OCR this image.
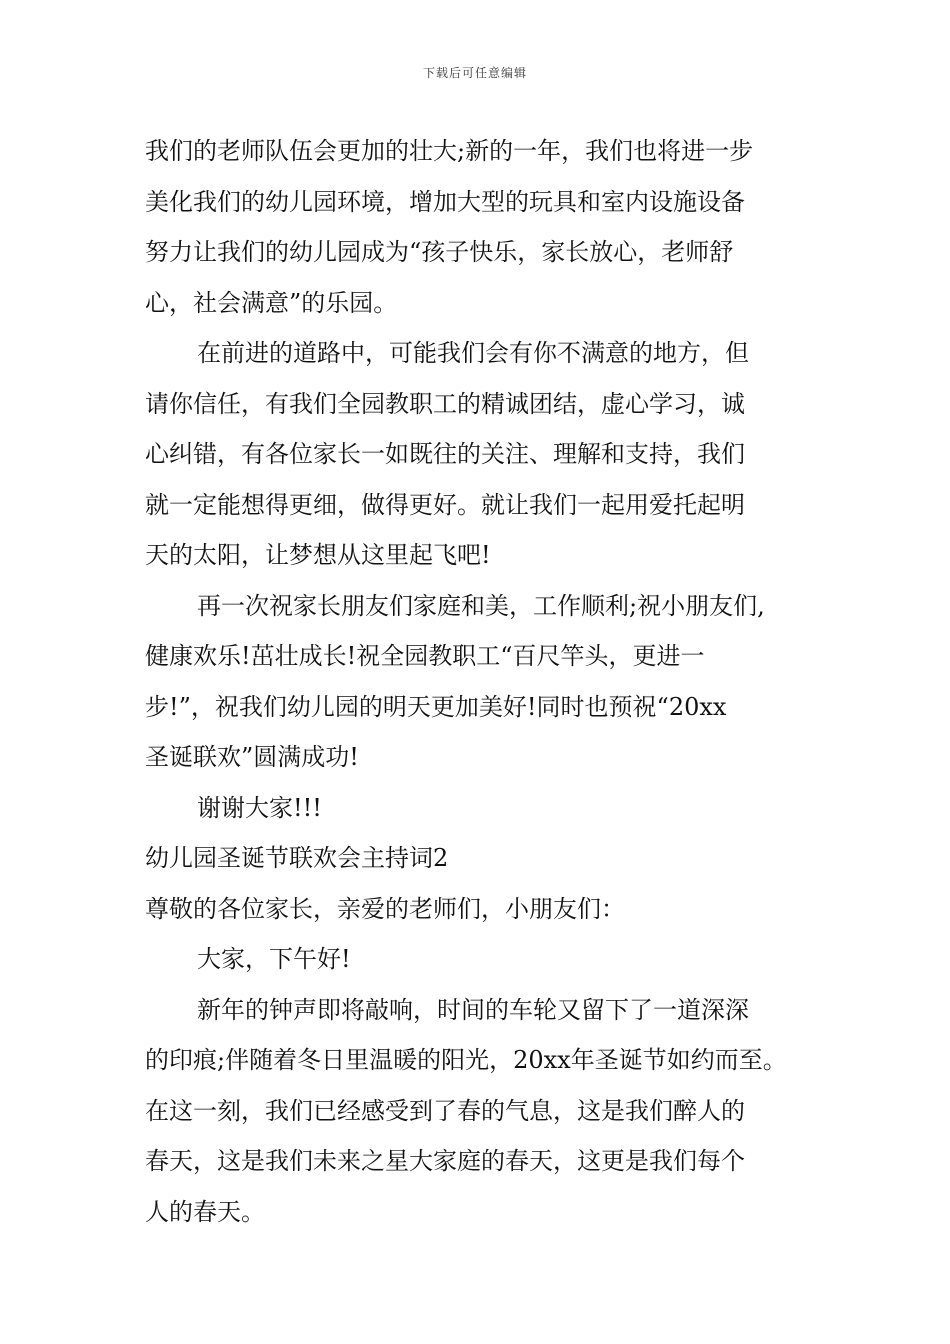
下载后可任意编辑
我们的老师队伍会更加的壮大;新的一年，我们也将进一步
美化我们的幼儿园环境，增加大型的玩具和室内设施设备
努力让我们的幼儿园成为“孩子快乐，家长放心，老师舒
心，社会满意”的乐园。
在前进的道路中，可能我们会有你不满意的地方，但
请你信任，有我们全园教职工的精诚团结，虚心学习，诚
心纠错，有各位家长一如既往的关注、理解和支持，我们
就一定能想得更细，做得更好。就让我们一起用爱托起明
天的太阳，让梦想从这里起飞吧!
再一次祝家长朋友们家庭和美，工作顺利;祝小朋友们,
健康欢乐!茁壮成长!祝全园教职工“百尺竿头，更进一
步!”，祝我们幼儿园的明天更加美好!同时也预祝“20xx
圣诞联欢”圆满成功!
谢谢大家!!!
幼儿园圣诞节联欢会主持词2
尊敬的各位家长，亲爱的老师们，小朋友们：
大家，下午好!
新年的钟声即将敲响，时间的车轮又留下了一道深深
的印痕;伴随着冬日里温暖的阳光，20xx年圣诞节如约而至。
在这一刻，我们已经感受到了春的气息，这是我们醉人的
春天，这是我们未来之星大家庭的春天，这更是我们每个
人的春天。
